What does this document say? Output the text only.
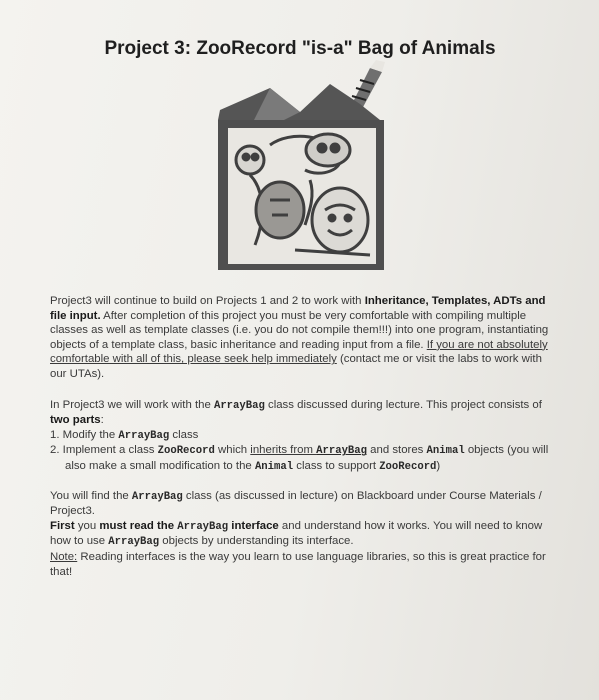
Project 3: ZooRecord "is-a" Bag of Animals

Project3 will continue to build on Projects 1 and 2 to work with Inheritance, Templates, ADTs and file input. After completion of this project you must be very comfortable with compiling multiple classes as well as template classes (i.e. you do not compile them!!!) into one program, instantiating objects of a template class, basic inheritance and reading input from a file. If you are not absolutely comfortable with all of this, please seek help immediately (contact me or visit the labs to work with our UTAs).

In Project3 we will work with the ArrayBag class discussed during lecture. This project consists of two parts:

1. Modify the ArrayBag class

2. Implement a class ZooRecord which inherits from ArrayBag and stores Animal objects (you will also make a small modification to the Animal class to support ZooRecord)

You will find the ArrayBag class (as discussed in lecture) on Blackboard under Course Materials / Project3.
First you must read the ArrayBag interface and understand how it works. You will need to know how to use ArrayBag objects by understanding its interface.
Note: Reading interfaces is the way you learn to use language libraries, so this is great practice for that!
